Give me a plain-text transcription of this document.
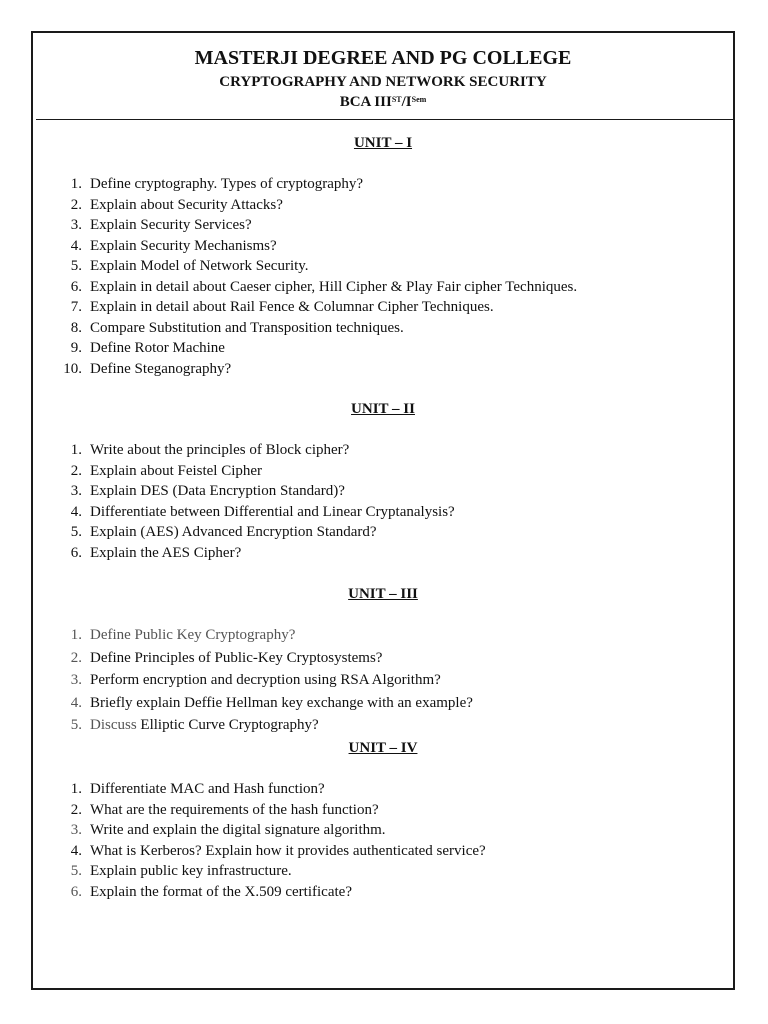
MASTERJI DEGREE AND PG COLLEGE
CRYPTOGRAPHY AND NETWORK SECURITY
BCA $IIIST/I^{Sem}$
UNIT – I
1. Define cryptography. Types of cryptography?
2. Explain about Security Attacks?
3. Explain Security Services?
4. Explain Security Mechanisms?
5. Explain Model of Network Security.
6. Explain in detail about Caeser cipher, Hill Cipher & Play Fair cipher Techniques.
7. Explain in detail about Rail Fence & Columnar Cipher Techniques.
8. Compare Substitution and Transposition techniques.
9. Define Rotor Machine
10. Define Steganography?
UNIT – II
1. Write about the principles of Block cipher?
2. Explain about Feistel Cipher
3. Explain DES (Data Encryption Standard)?
4. Differentiate between Differential and Linear Cryptanalysis?
5. Explain (AES) Advanced Encryption Standard?
6. Explain the AES Cipher?
UNIT – III
1. Define Public Key Cryptography?
2. Define Principles of Public-Key Cryptosystems?
3. Perform encryption and decryption using RSA Algorithm?
4. Briefly explain Deffie Hellman key exchange with an example?
5. Discuss Elliptic Curve Cryptography?
UNIT – IV
1. Differentiate MAC and Hash function?
2. What are the requirements of the hash function?
3. Write and explain the digital signature algorithm.
4. What is Kerberos? Explain how it provides authenticated service?
5. Explain public key infrastructure.
6. Explain the format of the X.509 certificate?
